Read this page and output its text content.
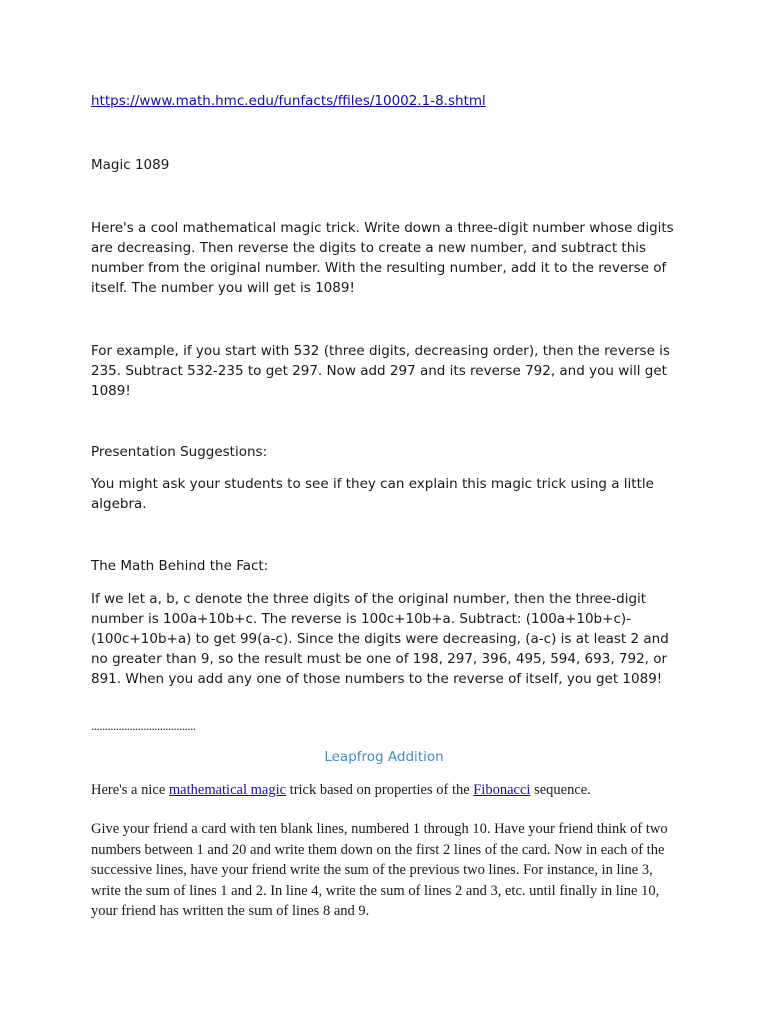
https://www.math.hmc.edu/funfacts/ffiles/10002.1-8.shtml

Magic 1089

Here's a cool mathematical magic trick. Write down a three-digit number whose digits are decreasing. Then reverse the digits to create a new number, and subtract this number from the original number. With the resulting number, add it to the reverse of itself. The number you will get is 1089!

For example, if you start with 532 (three digits, decreasing order), then the reverse is 235. Subtract 532-235 to get 297. Now add 297 and its reverse 792, and you will get 1089!

Presentation Suggestions:

You might ask your students to see if they can explain this magic trick using a little algebra.

The Math Behind the Fact:

If we let a, b, c denote the three digits of the original number, then the three-digit number is 100a+10b+c. The reverse is 100c+10b+a. Subtract: (100a+10b+c)-(100c+10b+a) to get 99(a-c). Since the digits were decreasing, (a-c) is at least 2 and no greater than 9, so the result must be one of 198, 297, 396, 495, 594, 693, 792, or 891. When you add any one of those numbers to the reverse of itself, you get 1089!

......................................

Leapfrog Addition

Here's a nice mathematical magic trick based on properties of the Fibonacci sequence.

Give your friend a card with ten blank lines, numbered 1 through 10. Have your friend think of two numbers between 1 and 20 and write them down on the first 2 lines of the card. Now in each of the successive lines, have your friend write the sum of the previous two lines. For instance, in line 3, write the sum of lines 1 and 2. In line 4, write the sum of lines 2 and 3, etc. until finally in line 10, your friend has written the sum of lines 8 and 9.
